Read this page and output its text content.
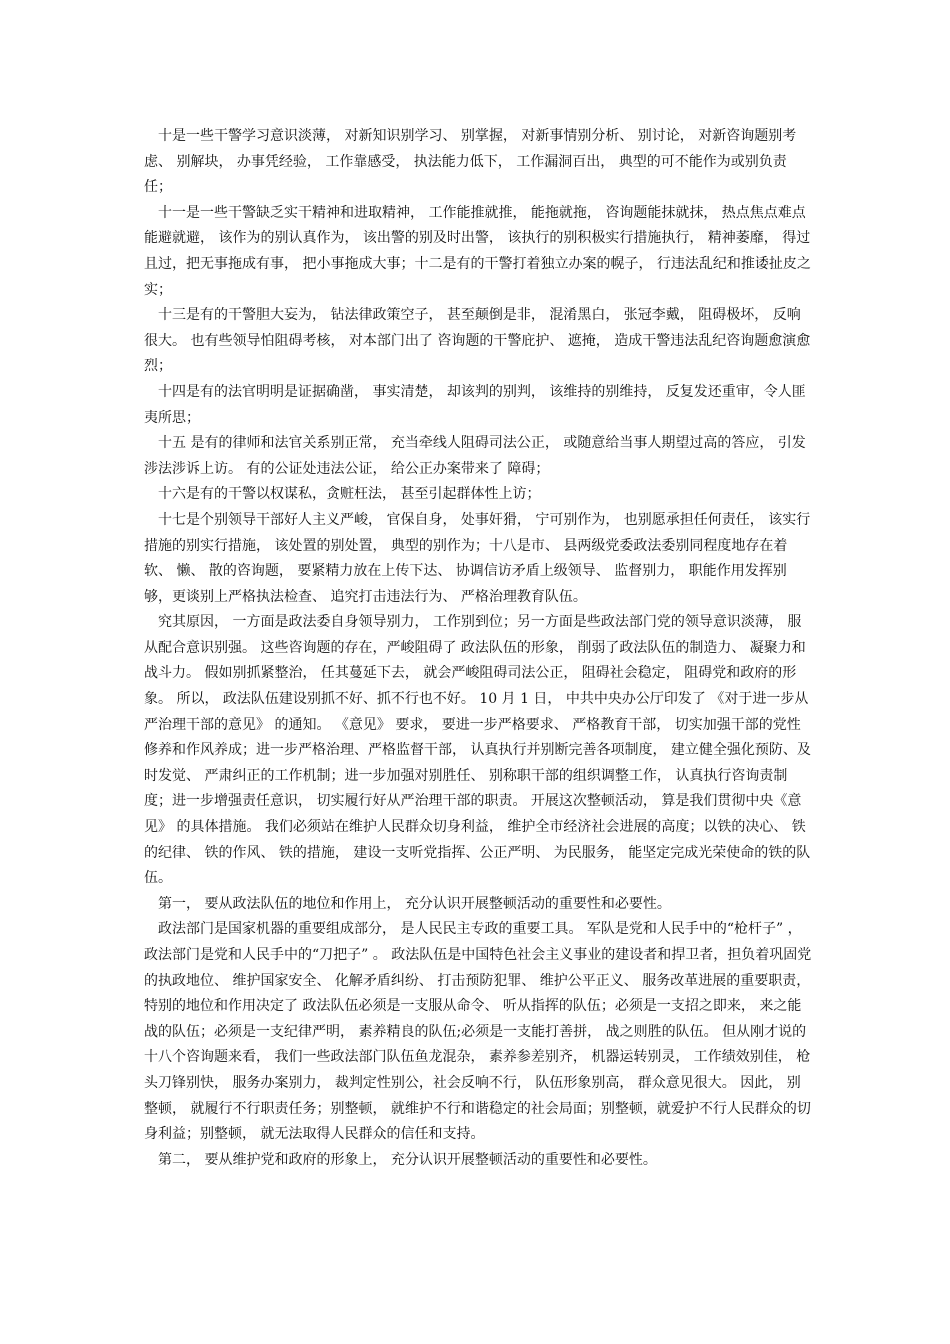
十是一些干警学习意识淡薄， 对新知识别学习、 别掌握， 对新事情别分析、 别讨论， 对新咨询题别考虑、 别解块， 办事凭经验， 工作靠感受， 执法能力低下， 工作漏洞百出， 典型的可不能作为或别负责任；

十一是一些干警缺乏实干精神和进取精神， 工作能推就推， 能拖就拖， 咨询题能抹就抹， 热点焦点难点能避就避， 该作为的别认真作为， 该出警的别及时出警， 该执行的别积极实行措施执行， 精神萎靡， 得过且过，把无事拖成有事， 把小事拖成大事；十二是有的干警打着独立办案的幌子， 行违法乱纪和推诿扯皮之实；

十三是有的干警胆大妄为， 钻法律政策空子， 甚至颠倒是非， 混淆黑白， 张冠李戴， 阻碍极坏， 反响很大。 也有些领导怕阻碍考核， 对本部门出了 咨询题的干警庇护、 遮掩， 造成干警违法乱纪咨询题愈演愈烈；

十四是有的法官明明是证据确凿， 事实清楚， 却该判的别判， 该维持的别维持， 反复发还重审，令人匪夷所思；

十五 是有的律师和法官关系别正常， 充当牵线人阻碍司法公正， 或随意给当事人期望过高的答应， 引发涉法涉诉上访。 有的公证处违法公证， 给公正办案带来了 障碍；

十六是有的干警以权谋私，贪赃枉法， 甚至引起群体性上访；

十七是个别领导干部好人主义严峻， 官保自身， 处事奸猾， 宁可别作为， 也别愿承担任何责任， 该实行措施的别实行措施， 该处置的别处置， 典型的别作为；十八是市、 县两级党委政法委别同程度地存在着软、 懒、 散的咨询题， 要紧精力放在上传下达、 协调信访矛盾上级领导、 监督别力， 职能作用发挥别够，更谈别上严格执法检查、 追究打击违法行为、 严格治理教育队伍。

究其原因， 一方面是政法委自身领导别力， 工作别到位；另一方面是些政法部门党的领导意识淡薄， 服从配合意识别强。 这些咨询题的存在，严峻阻碍了 政法队伍的形象， 削弱了政法队伍的制造力、 凝聚力和战斗力。 假如别抓紧整治， 任其蔓延下去， 就会严峻阻碍司法公正， 阻碍社会稳定， 阻碍党和政府的形象。 所以， 政法队伍建设别抓不好、抓不行也不好。 10 月 1 日， 中共中央办公厅印发了 《对于进一步从严治理干部的意见》 的通知。 《意见》 要求， 要进一步严格要求、 严格教育干部， 切实加强干部的党性修养和作风养成；进一步严格治理、严格监督干部， 认真执行并别断完善各项制度， 建立健全强化预防、及时发觉、 严肃纠正的工作机制；进一步加强对别胜任、 别称职干部的组织调整工作， 认真执行咨询责制度；进一步增强责任意识， 切实履行好从严治理干部的职责。 开展这次整顿活动， 算是我们贯彻中央《意见》 的具体措施。 我们必须站在维护人民群众切身利益， 维护全市经济社会进展的高度；以铁的决心、 铁的纪律、 铁的作风、 铁的措施， 建设一支听党指挥、公正严明、 为民服务， 能坚定完成光荣使命的铁的队伍。

第一， 要从政法队伍的地位和作用上， 充分认识开展整顿活动的重要性和必要性。

政法部门是国家机器的重要组成部分， 是人民民主专政的重要工具。 军队是党和人民手中的“枪杆子” ， 政法部门是党和人民手中的“刀把子” 。 政法队伍是中国特色社会主义事业的建设者和捍卫者，担负着巩固党的执政地位、 维护国家安全、 化解矛盾纠纷、 打击预防犯罪、 维护公平正义、 服务改革进展的重要职责， 特别的地位和作用决定了 政法队伍必须是一支服从命令、 听从指挥的队伍；必须是一支招之即来， 来之能战的队伍；必须是一支纪律严明， 素养精良的队伍;必须是一支能打善拼， 战之则胜的队伍。 但从刚才说的十八个咨询题来看， 我们一些政法部门队伍鱼龙混杂， 素养参差别齐， 机器运转别灵， 工作绩效别佳， 枪头刀锋别快， 服务办案别力， 裁判定性别公，社会反响不行， 队伍形象别高， 群众意见很大。 因此， 别整顿， 就履行不行职责任务；别整顿， 就维护不行和谐稳定的社会局面；别整顿，就爱护不行人民群众的切身利益；别整顿， 就无法取得人民群众的信任和支持。

第二， 要从维护党和政府的形象上， 充分认识开展整顿活动的重要性和必要性。
